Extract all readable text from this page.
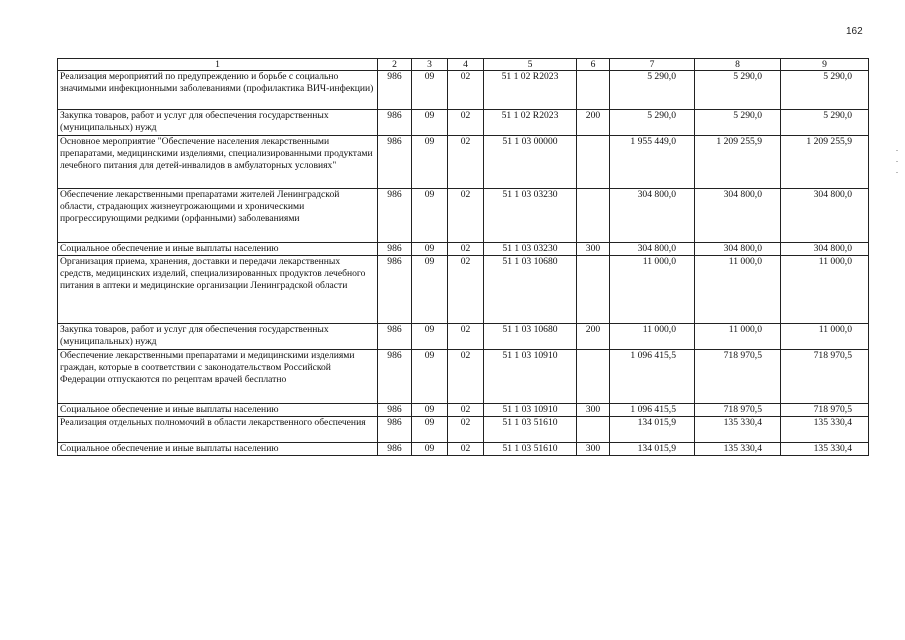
162
1	2	3	4	5	6	7	8	9
Реализация мероприятий по предупреждению и борьбе с социально значимыми инфекционными заболеваниями (профилактика ВИЧ-инфекции)	986	09	02	51 1 02 R2023		5 290,0	5 290,0	5 290,0
Закупка товаров, работ и услуг для обеспечения государственных (муниципальных) нужд	986	09	02	51 1 02 R2023	200	5 290,0	5 290,0	5 290,0
Основное мероприятие "Обеспечение населения лекарственными препаратами, медицинскими изделиями, специализированными продуктами лечебного питания для детей-инвалидов в амбулаторных условиях"	986	09	02	51 1 03 00000		1 955 449,0	1 209 255,9	1 209 255,9
Обеспечение лекарственными препаратами жителей Ленинградской области, страдающих жизнеугрожающими и хроническими прогрессирующими редкими (орфанными) заболеваниями	986	09	02	51 1 03 03230		304 800,0	304 800,0	304 800,0
Социальное обеспечение и иные выплаты населению	986	09	02	51 1 03 03230	300	304 800,0	304 800,0	304 800,0
Организация приема, хранения, доставки и передачи лекарственных средств, медицинских изделий, специализированных продуктов лечебного питания в аптеки и медицинские организации Ленинградской области	986	09	02	51 1 03 10680		11 000,0	11 000,0	11 000,0
Закупка товаров, работ и услуг для обеспечения государственных (муниципальных) нужд	986	09	02	51 1 03 10680	200	11 000,0	11 000,0	11 000,0
Обеспечение лекарственными препаратами и медицинскими изделиями граждан, которые в соответствии с законодательством Российской Федерации отпускаются по рецептам врачей бесплатно	986	09	02	51 1 03 10910		1 096 415,5	718 970,5	718 970,5
Социальное обеспечение и иные выплаты населению	986	09	02	51 1 03 10910	300	1 096 415,5	718 970,5	718 970,5
Реализация отдельных полномочий в области лекарственного обеспечения	986	09	02	51 1 03 51610		134 015,9	135 330,4	135 330,4
Социальное обеспечение и иные выплаты населению	986	09	02	51 1 03 51610	300	134 015,9	135 330,4	135 330,4
